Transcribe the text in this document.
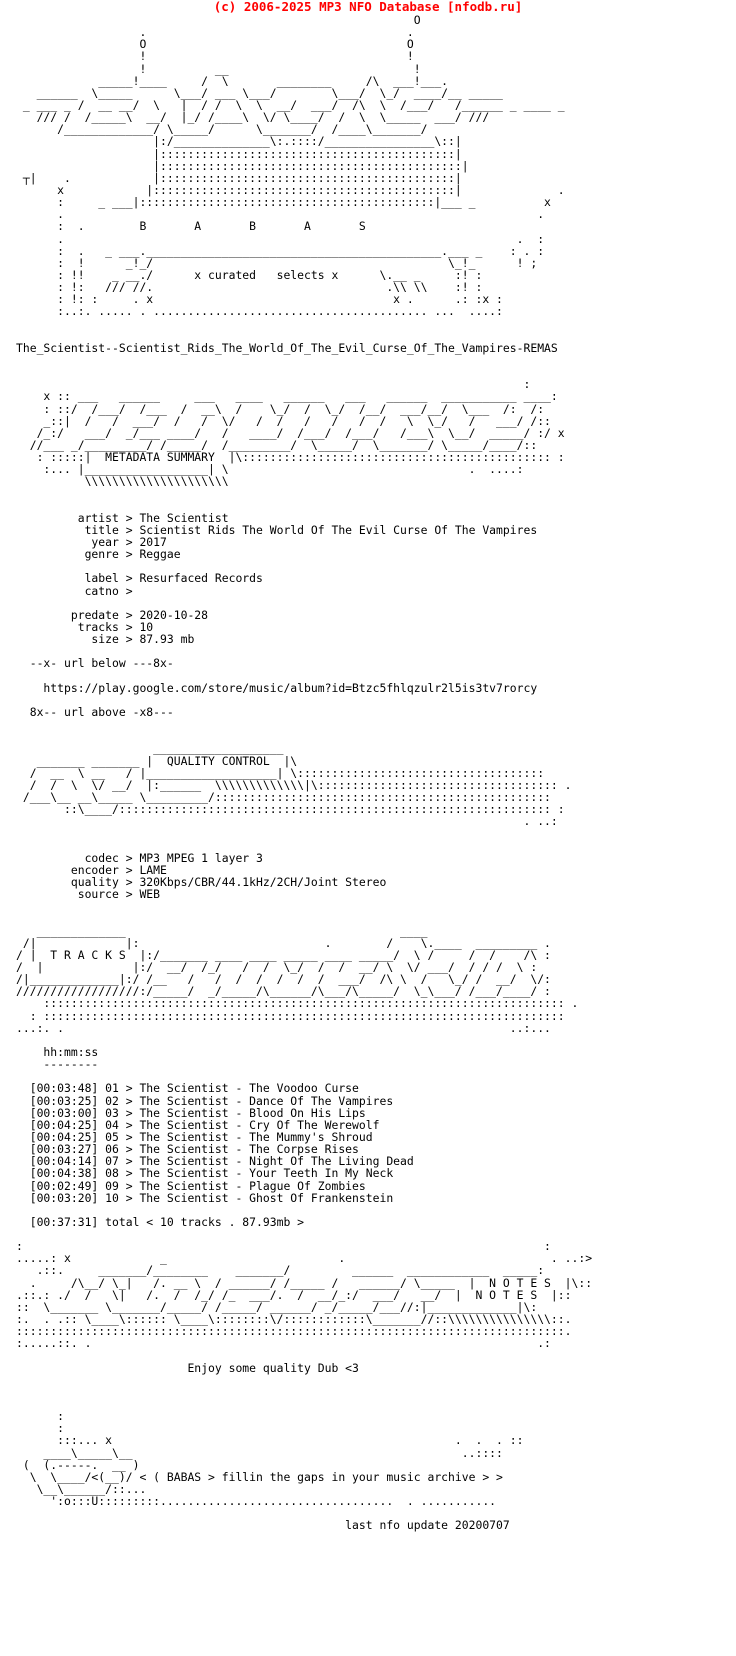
(c) 2006-2025 MP3 NFO Database [nfodb.ru]
O
.                                      .
O                                      O
!                                      !
!          __                           !
_____!____     /  \       ________     /\  ___!___.
______  \_____      \___/ ___ \___/        \___/  \_/  ____/__ _____
_ ___ _ /  __ __/  \   |  / /  \  \  __/  ___/  /\  \  /___/   /______ _ ____ _
/// /  /_____\  __/  |_/ /____\  \/ \____/  /  \  \_____  ___/ ///
/_____________/ \_____/      \_______/  /____\_______/
|:/______________\:.::::/________________\::|
|:::::::::::::::::::::::::::::::::::::::::::|
|::::::::::::::::::::::::::::::::::::::::::::|
┬|    .            |:::::::::::::::::::::::::::::::::::::::::::|
x            |::::::::::::::::::::::::::::::::::::::::::::|              .
:     _ ___|:::::::::::::::::::::::::::::::::::::::::::|___ _          x
.                                                                     .
:  .        B       A       B       A       S
.                                                                  .  :
:  .   _ ___.___________________________________________.___ _    : . :
:  !      _!_/                                           \_!_      ! ;
: !!    _ __./      x curated   selects x      \.__ _     :! :
: !:   /// //.                                  .\\ \\    :! :
: !: :     . x                                   x .      .: :x :
:..:. ..... . ........................................ ...  ....:

The_Scientist--Scientist_Rids_The_World_Of_The_Evil_Curse_Of_The_Vampires-REMAS

:
x :: ___   ______     ___   ____   ______   ___   ______  ___________ ____:
: ::/  /___/  /___  /  __\  /    \_/  /  \_/  /__/  ___/__/  \___  /:  /:
_::|  /   /  ___/  /   /  \/   /  /   /   /   /  /   \  \_/   /   ___/ /::
/_:/   ___/  _/___ ____/   /   ____/  /___/  /___/   /___\  \__/  _____/ :/ x
//___ _/_________/ /_____/  /_________/  \_____/  \_______/ \_____/____/::
: :::::|  METADATA SUMMARY  |\::::::::::::::::::::::::::::::::::::::::::::: :
:... |__________________| \                                   .  ....:
\\\\\\\\\\\\\\\\\\\\\

artist > The Scientist
title > Scientist Rids The World Of The Evil Curse Of The Vampires
year > 2017
genre > Reggae

label > Resurfaced Records
catno >

predate > 2020-10-28
tracks > 10
size > 87.93 mb

--x- url below ---8x-

https://play.google.com/store/music/album?id=Btzc5fhlqzulr2l5is3tv7rorcy

8x-- url above -x8---

___________________
_______ _______ |  QUALITY CONTROL  |\
/  __  \ __   / |___________________| \::::::::::::::::::::::::::::::::::::
/  /  \  \/ __/  |:______  \\\\\\\\\\\\\|\::::::::::::::::::::::::::::::::::: .
/___\__ __\_____ \_________/:::::::::::::::::::::::::::::::::::::::::::::::::
::\____/::::::::::::::::::::::::::::::::::::::::::::::::::::::::::::::: :
. ..:

codec > MP3 MPEG 1 layer 3
encoder > LAME
quality > 320Kbps/CBR/44.1kHz/2CH/Joint Stereo
source > WEB

_____________                                        ____
/|             |:                           .        /    \.____  _________ .
/ |  T R A C K S  |:/_______ ____ ____ _____ ____ _____/  \ /     /  /    /\ :
/  |             |:/  __/  /_/   /  /  \_/  /  /  __/ \  \/ ___/  / / /  \ :
/|_____________|:/ /__   /   /  /  /  /  /  /  ___/  /\ \  /   \_/ /  __/  \/:
//////////////////:/_____/  _/_____/\______/\___/\_____/  \_\___/ /___/____/ :
:::::::::::::::::::::::::::::::::::::::::::::::::::::::::::::::::::::::::::: .
: ::::::::::::::::::::::::::::::::::::::::::::::::::::::::::::::::::::::::::::
...:. .                                                                 ..:...

hh:mm:ss
--------

[00:03:48] 01 > The Scientist - The Voodoo Curse
[00:03:25] 02 > The Scientist - Dance Of The Vampires
[00:03:00] 03 > The Scientist - Blood On His Lips
[00:04:25] 04 > The Scientist - Cry Of The Werewolf
[00:04:25] 05 > The Scientist - The Mummy's Shroud
[00:03:27] 06 > The Scientist - The Corpse Rises
[00:04:14] 07 > The Scientist - Night Of The Living Dead
[00:04:38] 08 > The Scientist - Your Teeth In My Neck
[00:02:49] 09 > The Scientist - Plague Of Zombies
[00:03:20] 10 > The Scientist - Ghost Of Frankenstein

[00:37:31] total < 10 tracks . 87.93mb >

:                                                                            :
.....: x             _                         .                              . ..:>
.::.     _______/________    _______/         ______  ____________  _____:
.     /\__/ \_|   /. __ \  / ______/ /_____ /   ______/ \_____  |  N O T E S  |\::
.::.: ./  /   \|   /.  /  /_/ /_  ___/.  /  __/_:/  ___/   __/  |  N O T E S  |::
::  \_______ \_______/_____/ /_____/ ______/ _/_____/___//:|_____________|\:
:.  . .:: \____\:::::: \____\::::::::\/::::::::::::\_______//::\\\\\\\\\\\\\\\::.
::::::::::::::::::::::::::::::::::::::::::::::::::::::::::::::::::::::::::::::::.
:.....::. .                                                                 .:

Enjoy some quality Dub <3

:
:
:::... x                                                  .  .  . ::
____\_____\__                                                ..::::
(  (.-----.  __ )
\  \____/<(__)/ < ( BABAS > fillin the gaps in your music archive > >
\__\______/::...
':o:::U:::::::::..................................  . ...........

last nfo update 20200707
